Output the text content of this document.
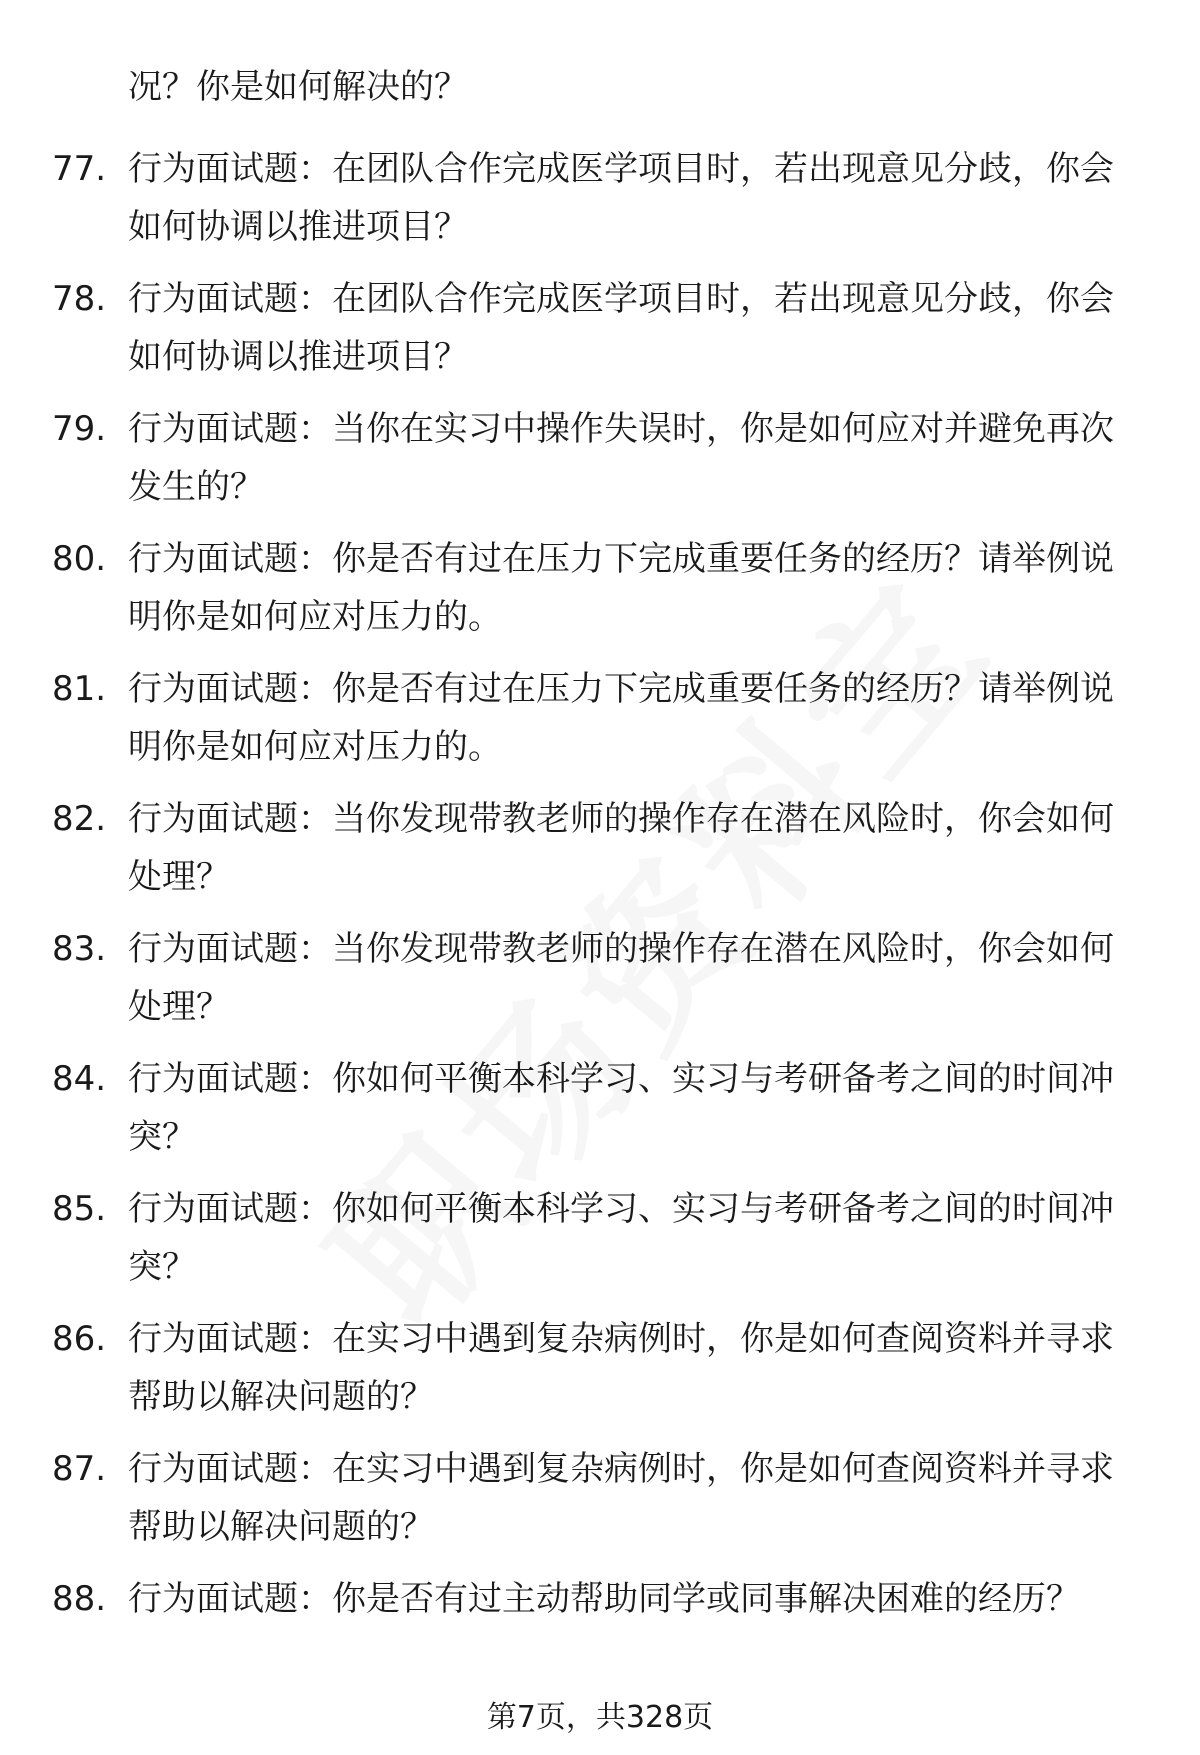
况？你是如何解决的？
77. 行为面试题：在团队合作完成医学项目时，若出现意见分歧，你会如何协调以推进项目？
78. 行为面试题：在团队合作完成医学项目时，若出现意见分歧，你会如何协调以推进项目？
79. 行为面试题：当你在实习中操作失误时，你是如何应对并避免再次发生的？
80. 行为面试题：你是否有过在压力下完成重要任务的经历？请举例说明你是如何应对压力的。
81. 行为面试题：你是否有过在压力下完成重要任务的经历？请举例说明你是如何应对压力的。
82. 行为面试题：当你发现带教老师的操作存在潜在风险时，你会如何处理？
83. 行为面试题：当你发现带教老师的操作存在潜在风险时，你会如何处理？
84. 行为面试题：你如何平衡本科学习、实习与考研备考之间的时间冲突？
85. 行为面试题：你如何平衡本科学习、实习与考研备考之间的时间冲突？
86. 行为面试题：在实习中遇到复杂病例时，你是如何查阅资料并寻求帮助以解决问题的？
87. 行为面试题：在实习中遇到复杂病例时，你是如何查阅资料并寻求帮助以解决问题的？
88. 行为面试题：你是否有过主动帮助同学或同事解决困难的经历？
第7页，共328页
